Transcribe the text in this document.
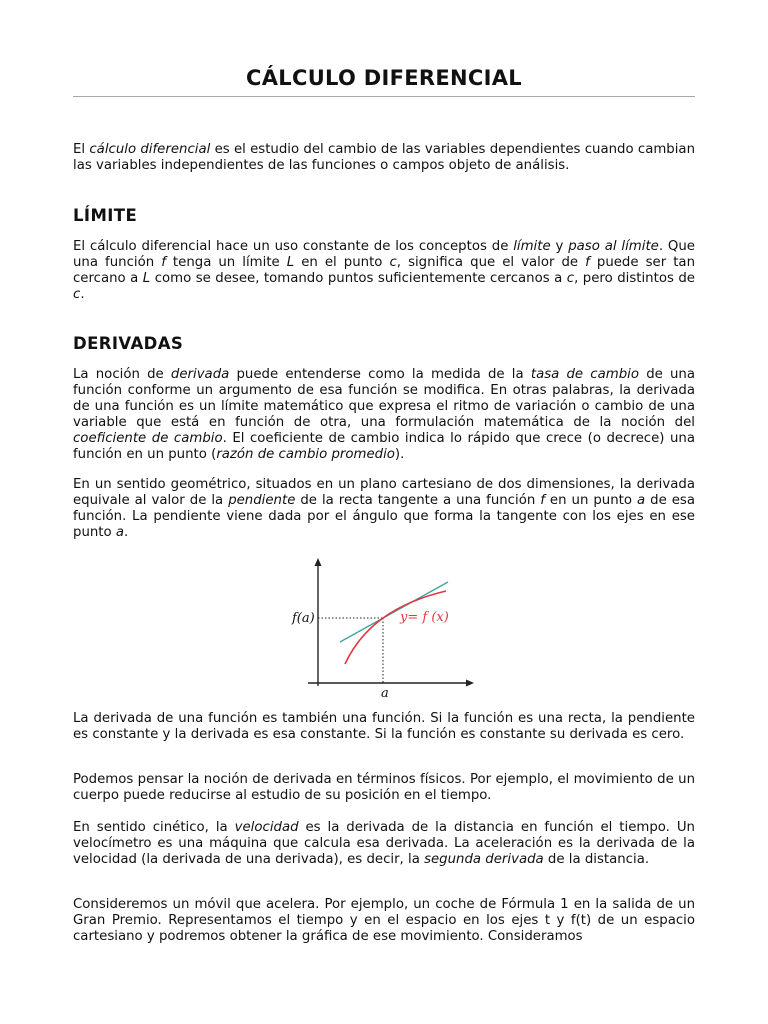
CÁLCULO DIFERENCIAL
El cálculo diferencial es el estudio del cambio de las variables dependientes cuando cambian las variables independientes de las funciones o campos objeto de análisis.
LÍMITE
El cálculo diferencial hace un uso constante de los conceptos de límite y paso al límite. Que una función f tenga un límite L en el punto c, significa que el valor de f puede ser tan cercano a L como se desee, tomando puntos suficientemente cercanos a c, pero distintos de c.
DERIVADAS
La noción de derivada puede entenderse como la medida de la tasa de cambio de una función conforme un argumento de esa función se modifica. En otras palabras, la derivada de una función es un límite matemático que expresa el ritmo de variación o cambio de una variable que está en función de otra, una formulación matemática de la noción del coeficiente de cambio. El coeficiente de cambio indica lo rápido que crece (o decrece) una función en un punto (razón de cambio promedio).
En un sentido geométrico, situados en un plano cartesiano de dos dimensiones, la derivada equivale al valor de la pendiente de la recta tangente a una función f en un punto a de esa función. La pendiente viene dada por el ángulo que forma la tangente con los ejes en ese punto a.
f(a)	y= f (x)
a
La derivada de una función es también una función. Si la función es una recta, la pendiente es constante y la derivada es esa constante. Si la función es constante su derivada es cero.
Podemos pensar la noción de derivada en términos físicos. Por ejemplo, el movimiento de un cuerpo puede reducirse al estudio de su posición en el tiempo.
En sentido cinético, la velocidad es la derivada de la distancia en función el tiempo. Un velocímetro es una máquina que calcula esa derivada. La aceleración es la derivada de la velocidad (la derivada de una derivada), es decir, la segunda derivada de la distancia.
Consideremos un móvil que acelera. Por ejemplo, un coche de Fórmula 1 en la salida de un Gran Premio. Representamos el tiempo y en el espacio en los ejes t y f(t) de un espacio cartesiano y podremos obtener la gráfica de ese movimiento. Consideramos
